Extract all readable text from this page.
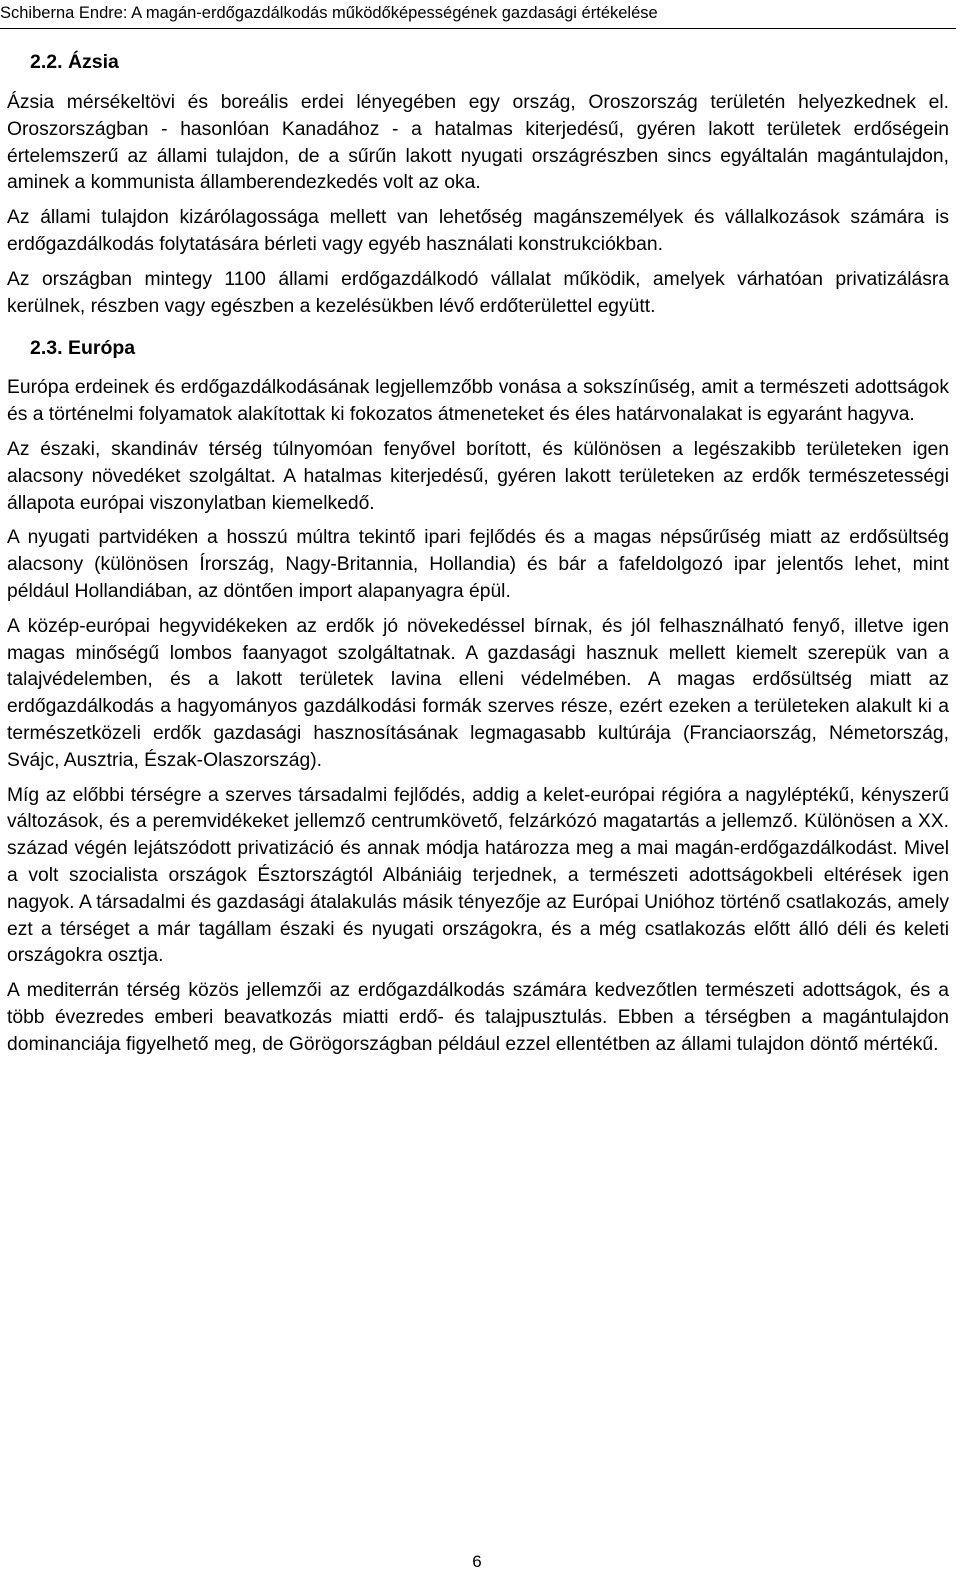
Schiberna Endre: A magán-erdőgazdálkodás működőképességének gazdasági értékelése
2.2. Ázsia

Ázsia mérsékeltövi és boreális erdei lényegében egy ország, Oroszország területén helyezkednek el. Oroszországban - hasonlóan Kanadához - a hatalmas kiterjedésű, gyéren lakott területek erdőségein értelemszerű az állami tulajdon, de a sűrűn lakott nyugati országrészben sincs egyáltalán magántulajdon, aminek a kommunista államberendezkedés volt az oka.

Az állami tulajdon kizárólagossága mellett van lehetőség magánszemélyek és vállalkozások számára is erdőgazdálkodás folytatására bérleti vagy egyéb használati konstrukciókban.

Az országban mintegy 1100 állami erdőgazdálkodó vállalat működik, amelyek várhatóan privatizálásra kerülnek, részben vagy egészben a kezelésükben lévő erdőterülettel együtt.

2.3. Európa

Európa erdeinek és erdőgazdálkodásának legjellemzőbb vonása a sokszínűség, amit a természeti adottságok és a történelmi folyamatok alakítottak ki fokozatos átmeneteket és éles határvonalakat is egyaránt hagyva.

Az északi, skandináv térség túlnyomóan fenyővel borított, és különösen a legészakibb területeken igen alacsony növedéket szolgáltat. A hatalmas kiterjedésű, gyéren lakott területeken az erdők természetességi állapota európai viszonylatban kiemelkedő.

A nyugati partvidéken a hosszú múltra tekintő ipari fejlődés és a magas népsűrűség miatt az erdősültség alacsony (különösen Írország, Nagy-Britannia, Hollandia) és bár a fafeldolgozó ipar jelentős lehet, mint például Hollandiában, az döntően import alapanyagra épül.

A közép-európai hegyvidékeken az erdők jó növekedéssel bírnak, és jól felhasználható fenyő, illetve igen magas minőségű lombos faanyagot szolgáltatnak. A gazdasági hasznuk mellett kiemelt szerepük van a talajvédelemben, és a lakott területek lavina elleni védelmében. A magas erdősültség miatt az erdőgazdálkodás a hagyományos gazdálkodási formák szerves része, ezért ezeken a területeken alakult ki a természetközeli erdők gazdasági hasznosításának legmagasabb kultúrája (Franciaország, Németország, Svájc, Ausztria, Észak-Olaszország).

Míg az előbbi térségre a szerves társadalmi fejlődés, addig a kelet-európai régióra a nagyléptékű, kényszerű változások, és a peremvidékeket jellemző centrumkövető, felzárkózó magatartás a jellemző. Különösen a XX. század végén lejátszódott privatizáció és annak módja határozza meg a mai magán-erdőgazdálkodást. Mivel a volt szocialista országok Észtországtól Albániáig terjednek, a természeti adottságokbeli eltérések igen nagyok. A társadalmi és gazdasági átalakulás másik tényezője az Európai Unióhoz történő csatlakozás, amely ezt a térséget a már tagállam északi és nyugati országokra, és a még csatlakozás előtt álló déli és keleti országokra osztja.

A mediterrán térség közös jellemzői az erdőgazdálkodás számára kedvezőtlen természeti adottságok, és a több évezredes emberi beavatkozás miatti erdő- és talajpusztulás. Ebben a térségben a magántulajdon dominanciája figyelhető meg, de Görögországban például ezzel ellentétben az állami tulajdon döntő mértékű.

6
